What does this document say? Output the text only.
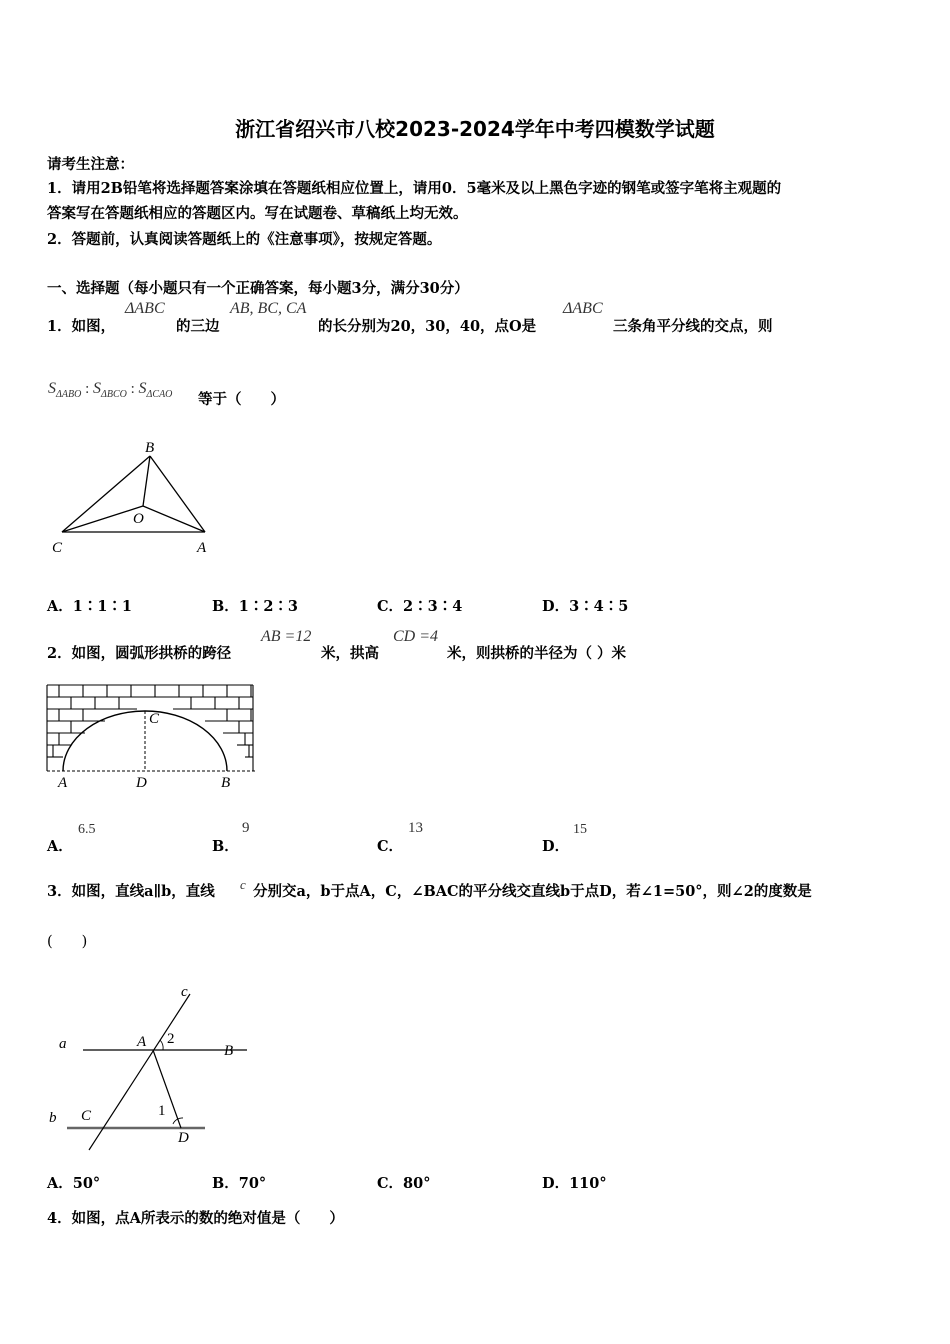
浙江省绍兴市八校2023-2024学年中考四模数学试题
请考生注意：
1．请用2B铅笔将选择题答案涂填在答题纸相应位置上，请用0．5毫米及以上黑色字迹的钢笔或签字笔将主观题的
答案写在答题纸相应的答题区内。写在试题卷、草稿纸上均无效。
2．答题前，认真阅读答题纸上的《注意事项》，按规定答题。
一、选择题（每小题只有一个正确答案，每小题3分，满分30分）
1．如图，
ΔABC
的三边
AB, BC, CA
的长分别为20，30，40，点O是
ΔABC
三条角平分线的交点，则
$S_{\Delta ABO}$ : $S_{\Delta BCO}$ : $S_{\Delta CAO}$ 等于（　　）
B
O
C	A
A．1∶1∶1	B．1∶2∶3	C．2∶3∶4	D．3∶4∶5
2．如图，圆弧形拱桥的跨径
AB =12
米，拱高
CD =4
米，则拱桥的半径为（ ）米
C
A	D	B
A．
6.5
B．
9
C．
13
D．
15
3．如图，直线a∥b，直线 c 分别交a，b于点A，C，∠BAC的平分线交直线b于点D，若∠1=50°，则∠2的度数是
(　　)
c
a	A 2
B
b C	1
D
A．50°	B．70°	C．80°	D．110°
4．如图，点A所表示的数的绝对值是（　　）
